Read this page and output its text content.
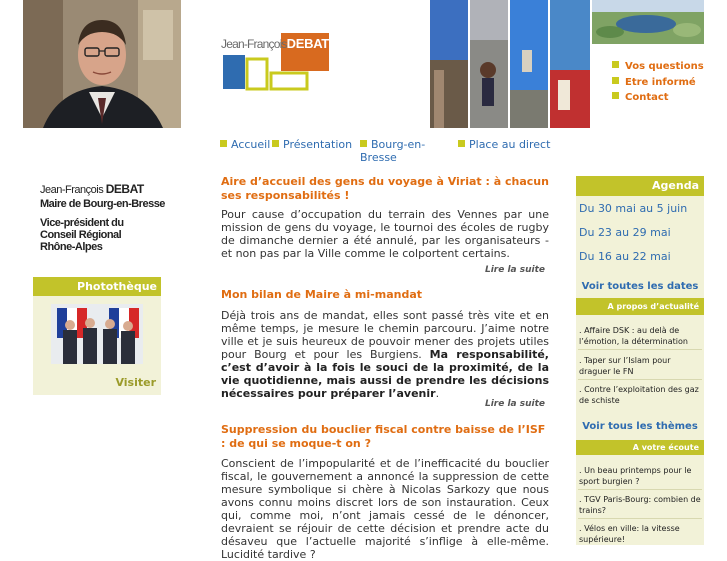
Jean-FrançoisDEBAT
Vos questions
Etre informé
Contact
Accueil	Présentation	Bourg-en-Bresse
Place au direct
Jean-François DEBAT
Maire de Bourg-en-Bresse
Vice-président du
Conseil Régional
Rhône-Alpes
Photothèque
Visiter
Aire d’accueil des gens du voyage à Viriat : à chacun ses responsabilités !
Pour cause d’occupation du terrain des Vennes par une mission de gens du voyage, le tournoi des écoles de rugby de dimanche dernier a été annulé, par les organisateurs -et non pas par la Ville comme le colportent certains.
Lire la suite
Mon bilan de Maire à mi-mandat
Déjà trois ans de mandat, elles sont passé très vite et en même temps, je mesure le chemin parcouru. J’aime notre ville et je suis heureux de pouvoir mener des projets utiles pour Bourg et pour les Burgiens. Ma responsabilité, c’est d’avoir à la fois le souci de la proximité, de la vie quotidienne, mais aussi de prendre les décisions nécessaires pour préparer l’avenir.
Lire la suite
Suppression du bouclier fiscal contre baisse de l’ISF : de qui se moque-t on ?
Conscient de l’impopularité et de l’inefficacité du bouclier fiscal, le gouvernement a annoncé la suppression de cette mesure symbolique si chère à Nicolas Sarkozy que nous avons connu moins discret lors de son instauration. Ceux qui, comme moi, n’ont jamais cessé de le dénoncer, devraient se réjouir de cette décision et prendre acte du désaveu que l’actuelle majorité s’inflige à elle-même. Lucidité tardive ?
Agenda
Du 30 mai au 5 juin
Du 23 au 29 mai
Du 16 au 22 mai
Voir toutes les dates
A propos d’actualité
. Affaire DSK : au delà de l’émotion, la détermination
. Taper sur l’Islam pour draguer le FN
. Contre l’exploitation des gaz de schiste
Voir tous les thèmes
A votre écoute
. Un beau printemps pour le sport burgien ?
. TGV Paris-Bourg: combien de trains?
. Vélos en ville: la vitesse supérieure!
